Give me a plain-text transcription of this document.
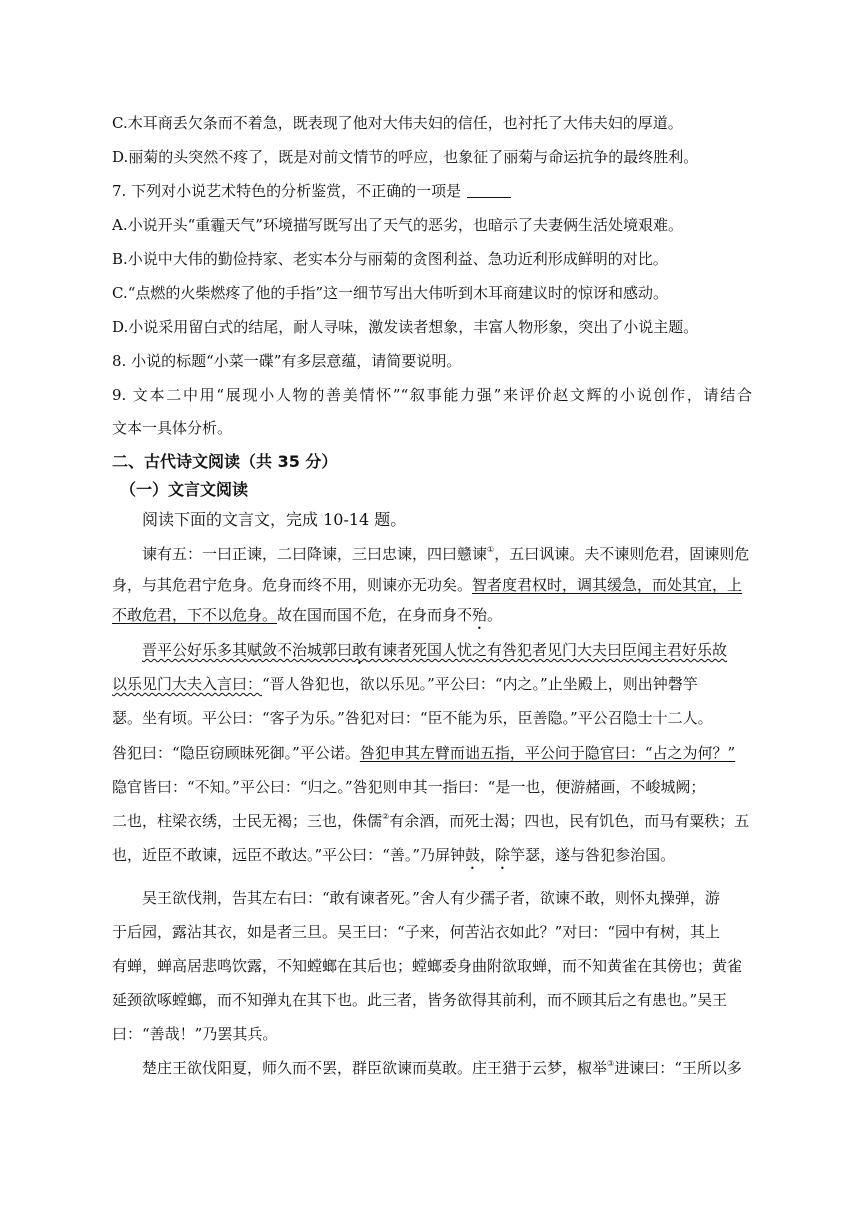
C.木耳商丢欠条而不着急，既表现了他对大伟夫妇的信任，也衬托了大伟夫妇的厚道。
D.丽菊的头突然不疼了，既是对前文情节的呼应，也象征了丽菊与命运抗争的最终胜利。
7. 下列对小说艺术特色的分析鉴赏，不正确的一项是
A.小说开头“重霾天气”环境描写既写出了天气的恶劣，也暗示了夫妻俩生活处境艰难。
B.小说中大伟的勤俭持家、老实本分与丽菊的贪图利益、急功近利形成鲜明的对比。
C.“点燃的火柴燃疼了他的手指”这一细节写出大伟听到木耳商建议时的惊讶和感动。
D.小说采用留白式的结尾，耐人寻味，激发读者想象，丰富人物形象，突出了小说主题。
8. 小说的标题“小菜一碟”有多层意蕴，请简要说明。
9. 文本二中用“展现小人物的善美情怀”“叙事能力强”来评价赵文辉的小说创作，请结合
文本一具体分析。
二、古代诗文阅读（共 35 分）
（一）文言文阅读
阅读下面的文言文，完成 10-14 题。
谏有五：一曰正谏，二曰降谏，三曰忠谏，四曰戆谏①，五曰讽谏。夫不谏则危君，固谏则危
身，与其危君宁危身。危身而终不用，则谏亦无功矣。智者度君权时，调其缓急，而处其宜，上
不敢危君，下不以危身。故在国而国不危，在身而身不殆。
晋平公好乐多其赋敛不治城郭曰敢有谏者死国人忧之有咎犯者见门大夫曰臣闻主君好乐故
以乐见门大夫入言曰：“晋人咎犯也，欲以乐见。”平公曰：“内之。”止坐殿上，则出钟磬竽
瑟。坐有顷。平公曰：“客子为乐。”咎犯对曰：“臣不能为乐，臣善隐。”平公召隐士十二人。
咎犯曰：“隐臣窃顾昧死御。”平公诺。咎犯申其左臂而诎五指，平公问于隐官曰：“占之为何？”
隐官皆曰：“不知。”平公曰：“归之。”咎犯则申其一指曰：“是一也，便游赭画，不峻城阙；
二也，柱梁衣绣，士民无褐；三也，侏儒②有余酒，而死士渴；四也，民有饥色，而马有粟秩；五
也，近臣不敢谏，远臣不敢达。”平公曰：“善。”乃屏钟鼓，除竽瑟，遂与咎犯参治国。
吴王欲伐荆，告其左右曰：“敢有谏者死。”舍人有少孺子者，欲谏不敢，则怀丸操弹，游
于后园，露沾其衣，如是者三旦。吴王曰：“子来，何苦沾衣如此？”对曰：“园中有树，其上
有蝉，蝉高居悲鸣饮露，不知螳螂在其后也；螳螂委身曲附欲取蝉，而不知黄雀在其傍也；黄雀
延颈欲啄螳螂，而不知弹丸在其下也。此三者，皆务欲得其前利，而不顾其后之有患也。”吴王
曰：“善哉！”乃罢其兵。
楚庄王欲伐阳夏，师久而不罢，群臣欲谏而莫敢。庄王猎于云梦，椒举③进谏曰：“王所以多
